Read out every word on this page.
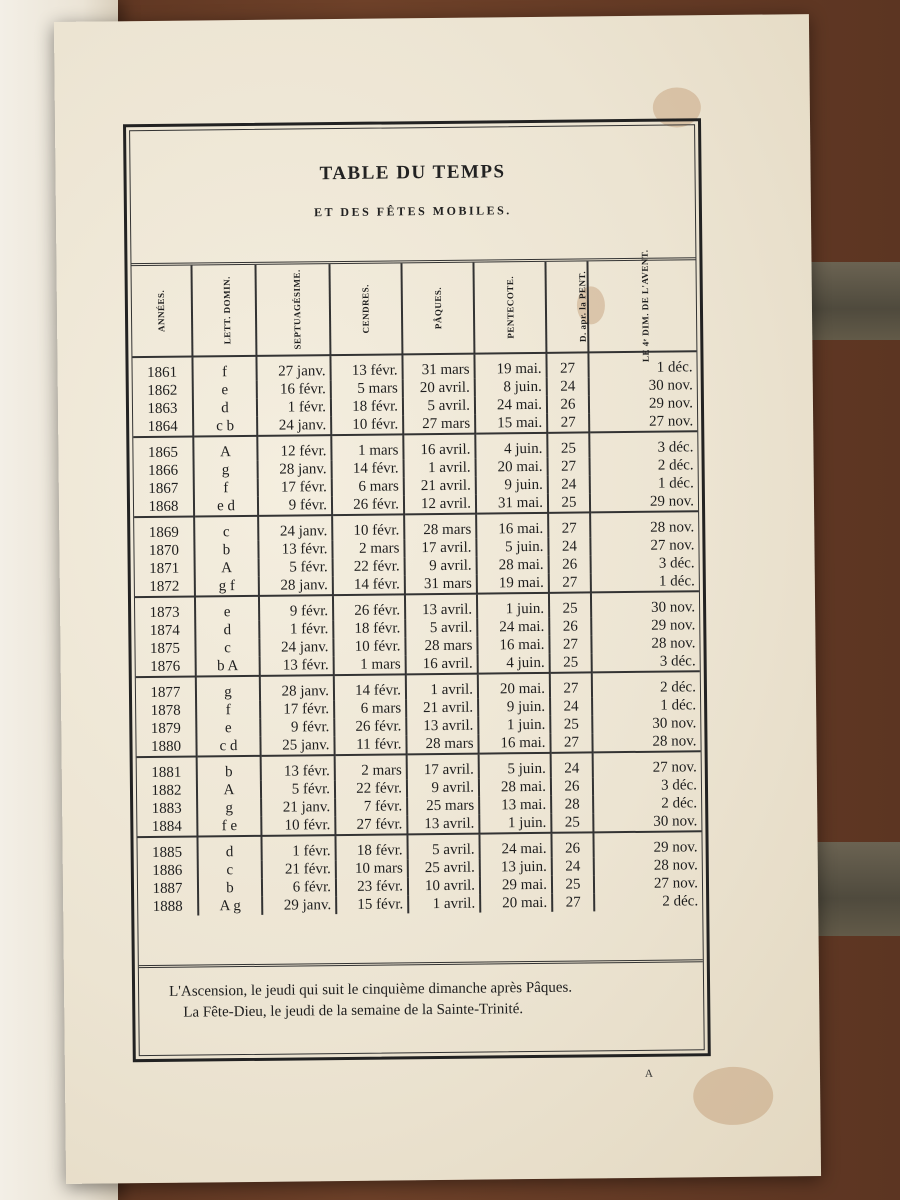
TABLE DU TEMPS
ET DES FÊTES MOBILES.
ANNÉES.	LETT. DOMIN.	SEPTUAGÉSIME.	CENDRES.	PÂQUES.	PENTECOTE.	D. apr. la PENT.	LE 4ᵉ DIM. DE L'AVENT.
1861	f	27 janv.	13 févr.	31 mars	19 mai.	27	1 déc.
1862	e	16 févr.	5 mars	20 avril.	8 juin.	24	30 nov.
1863	d	1 févr.	18 févr.	5 avril.	24 mai.	26	29 nov.
1864	c b	24 janv.	10 févr.	27 mars	15 mai.	27	27 nov.
1865	A	12 févr.	1 mars	16 avril.	4 juin.	25	3 déc.
1866	g	28 janv.	14 févr.	1 avril.	20 mai.	27	2 déc.
1867	f	17 févr.	6 mars	21 avril.	9 juin.	24	1 déc.
1868	e d	9 févr.	26 févr.	12 avril.	31 mai.	25	29 nov.
1869	c	24 janv.	10 févr.	28 mars	16 mai.	27	28 nov.
1870	b	13 févr.	2 mars	17 avril.	5 juin.	24	27 nov.
1871	A	5 févr.	22 févr.	9 avril.	28 mai.	26	3 déc.
1872	g f	28 janv.	14 févr.	31 mars	19 mai.	27	1 déc.
1873	e	9 févr.	26 févr.	13 avril.	1 juin.	25	30 nov.
1874	d	1 févr.	18 févr.	5 avril.	24 mai.	26	29 nov.
1875	c	24 janv.	10 févr.	28 mars	16 mai.	27	28 nov.
1876	b A	13 févr.	1 mars	16 avril.	4 juin.	25	3 déc.
1877	g	28 janv.	14 févr.	1 avril.	20 mai.	27	2 déc.
1878	f	17 févr.	6 mars	21 avril.	9 juin.	24	1 déc.
1879	e	9 févr.	26 févr.	13 avril.	1 juin.	25	30 nov.
1880	c d	25 janv.	11 févr.	28 mars	16 mai.	27	28 nov.
1881	b	13 févr.	2 mars	17 avril.	5 juin.	24	27 nov.
1882	A	5 févr.	22 févr.	9 avril.	28 mai.	26	3 déc.
1883	g	21 janv.	7 févr.	25 mars	13 mai.	28	2 déc.
1884	f e	10 févr.	27 févr.	13 avril.	1 juin.	25	30 nov.
1885	d	1 févr.	18 févr.	5 avril.	24 mai.	26	29 nov.
1886	c	21 févr.	10 mars	25 avril.	13 juin.	24	28 nov.
1887	b	6 févr.	23 févr.	10 avril.	29 mai.	25	27 nov.
1888	A g	29 janv.	15 févr.	1 avril.	20 mai.	27	2 déc.

L'Ascension, le jeudi qui suit le cinquième dimanche après Pâques.

La Fête-Dieu, le jeudi de la semaine de la Sainte-Trinité.

A
